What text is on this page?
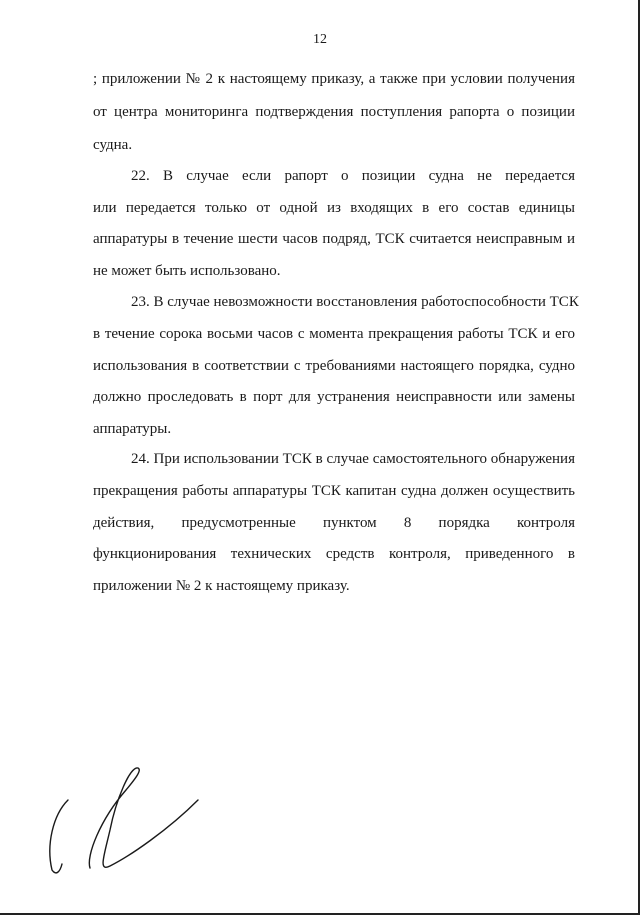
12
; приложении № 2 к настоящему приказу, а также при условии получения
от центра мониторинга подтверждения поступления рапорта о позиции
судна.
22. В случае если рапорт о позиции судна не передается
или передается только от одной из входящих в его состав единицы
аппаратуры в течение шести часов подряд, ТСК считается неисправным и
не может быть использовано.
23. В случае невозможности восстановления работоспособности ТСК
в течение сорока восьми часов с момента прекращения работы ТСК и его
использования в соответствии с требованиями настоящего порядка, судно
должно проследовать в порт для устранения неисправности или замены
аппаратуры.
24. При использовании ТСК в случае самостоятельного обнаружения
прекращения работы аппаратуры ТСК капитан судна должен осуществить
действия, предусмотренные пунктом 8 порядка контроля
функционирования технических средств контроля, приведенного в
приложении № 2 к настоящему приказу.
